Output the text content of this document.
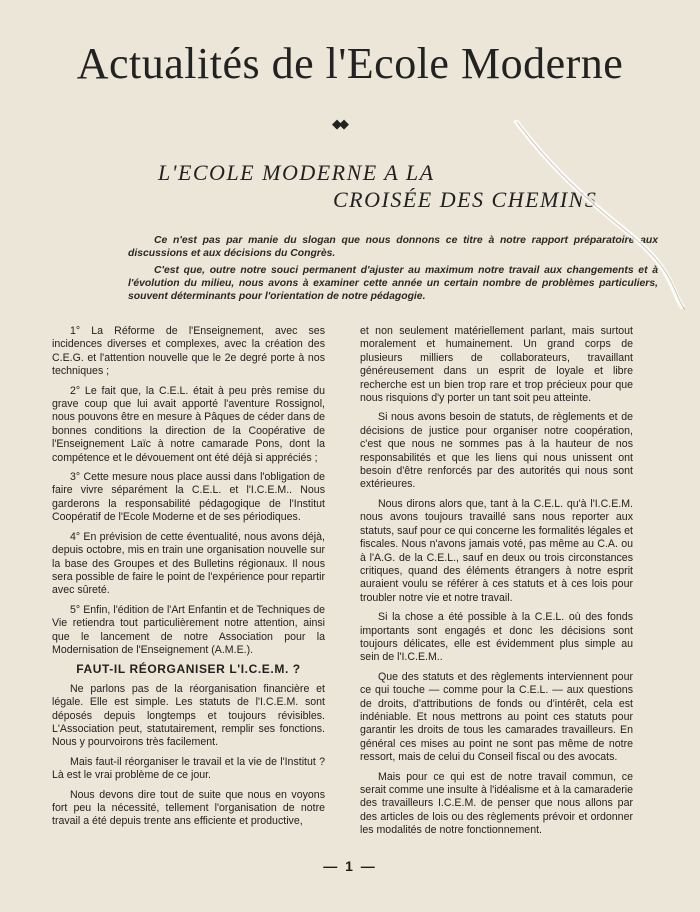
Actualités de l'Ecole Moderne
◆◆
L'ECOLE MODERNE A LA
CROISÉE DES CHEMINS

Ce n'est pas par manie du slogan que nous donnons ce titre à notre rapport préparatoire aux discussions et aux décisions du Congrès.

C'est que, outre notre souci permanent d'ajuster au maximum notre travail aux changements et à l'évolution du milieu, nous avons à examiner cette année un certain nombre de problèmes particuliers, souvent déterminants pour l'orientation de notre pédagogie.

1° La Réforme de l'Enseignement, avec ses incidences diverses et complexes, avec la création des C.E.G. et l'attention nouvelle que le 2e degré porte à nos techniques ;

2° Le fait que, la C.E.L. était à peu près remise du grave coup que lui avait apporté l'aventure Rossignol, nous pouvons être en mesure à Pâques de céder dans de bonnes conditions la direction de la Coopérative de l'Enseignement Laïc à notre camarade Pons, dont la compétence et le dévouement ont été déjà si appréciés ;

3° Cette mesure nous place aussi dans l'obligation de faire vivre séparément la C.E.L. et l'I.C.E.M.. Nous garderons la responsabilité pédagogique de l'Institut Coopératif de l'Ecole Moderne et de ses périodiques.

4° En prévision de cette éventualité, nous avons déjà, depuis octobre, mis en train une organisation nouvelle sur la base des Groupes et des Bulletins régionaux. Il nous sera possible de faire le point de l'expérience pour repartir avec sûreté.

5° Enfin, l'édition de l'Art Enfantin et de Techniques de Vie retiendra tout particulièrement notre attention, ainsi que le lancement de notre Association pour la Modernisation de l'Enseignement (A.M.E.).

FAUT-IL RÉORGANISER L'I.C.E.M. ?

Ne parlons pas de la réorganisation financière et légale. Elle est simple. Les statuts de l'I.C.E.M. sont déposés depuis longtemps et toujours révisibles. L'Association peut, statutairement, remplir ses fonctions. Nous y pourvoirons très facilement.

Mais faut-il réorganiser le travail et la vie de l'Institut ? Là est le vrai problème de ce jour.

Nous devons dire tout de suite que nous en voyons fort peu la nécessité, tellement l'organisation de notre travail a été depuis trente ans efficiente et productive,

et non seulement matériellement parlant, mais surtout moralement et humainement. Un grand corps de plusieurs milliers de collaborateurs, travaillant généreusement dans un esprit de loyale et libre recherche est un bien trop rare et trop précieux pour que nous risquions d'y porter un tant soit peu atteinte.

Si nous avons besoin de statuts, de règlements et de décisions de justice pour organiser notre coopération, c'est que nous ne sommes pas à la hauteur de nos responsabilités et que les liens qui nous unissent ont besoin d'être renforcés par des autorités qui nous sont extérieures.

Nous dirons alors que, tant à la C.E.L. qu'à l'I.C.E.M. nous avons toujours travaillé sans nous reporter aux statuts, sauf pour ce qui concerne les formalités légales et fiscales. Nous n'avons jamais voté, pas même au C.A. ou à l'A.G. de la C.E.L., sauf en deux ou trois circonstances critiques, quand des éléments étrangers à notre esprit auraient voulu se référer à ces statuts et à ces lois pour troubler notre vie et notre travail.

Si la chose a été possible à la C.E.L. où des fonds importants sont engagés et donc les décisions sont toujours délicates, elle est évidemment plus simple au sein de l'I.C.E.M..

Que des statuts et des règlements interviennent pour ce qui touche — comme pour la C.E.L. — aux questions de droits, d'attributions de fonds ou d'intérêt, cela est indéniable. Et nous mettrons au point ces statuts pour garantir les droits de tous les camarades travailleurs. En général ces mises au point ne sont pas même de notre ressort, mais de celui du Conseil fiscal ou des avocats.

Mais pour ce qui est de notre travail commun, ce serait comme une insulte à l'idéalisme et à la camaraderie des travailleurs I.C.E.M. de penser que nous allons par des articles de lois ou des règlements prévoir et ordonner les modalités de notre fonctionnement.

— 1 —
